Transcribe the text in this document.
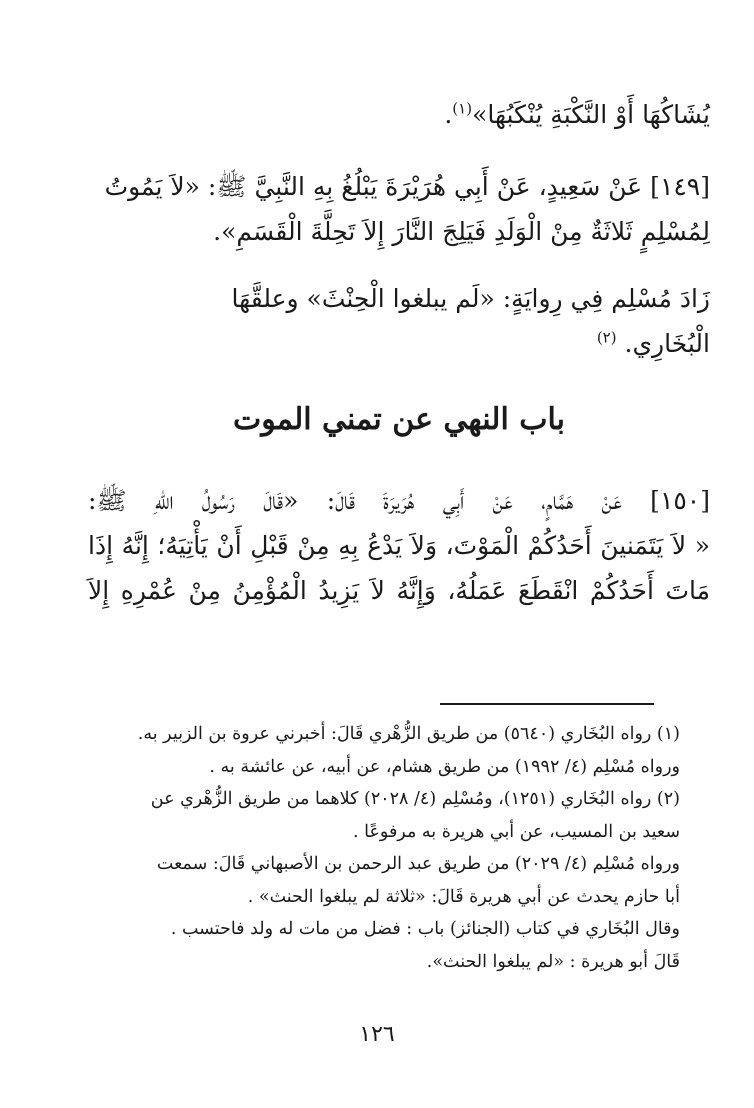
يُشَاكُهَا أَوْ النَّكْبَةِ يُنْكَبُهَا»$^{(١)}$.
[١٤٩] عَنْ سَعِيدٍ، عَنْ أَبِي هُرَيْرَةَ يَبْلُغُ بِهِ النَّبِيَّ ﷺ: «لاَ يَمُوتُ
لِمُسْلِمٍ ثَلاثَةٌ مِنْ الْوَلَدِ فَيَلِجَ النَّارَ إِلاَ تَحِلَّةَ الْقَسَمِ».
زَادَ مُسْلِم فِي رِوايَةٍ: «لَم يبلغوا الْحِنْثَ» وعلقَّهَا
الْبُخَارِي. $^{(٢)}$
باب النهي عن تمني الموت
[١٥٠] عَنْ هَمَّامٍ، عَنْ أَبِي هُرَيرَةَ قَالَ: «قَالَ رَسُولُ اللهِ ﷺ:
« لاَ يَتَمَنينَ أَحَدُكُمْ الْمَوْتَ، وَلاَ يَدْعُ بِهِ مِنْ قَبْلِ أَنْ يَأْتِيَهُ؛ إِنَّهُ إِذَا
مَاتَ أَحَدُكُمْ انْقَطَعَ عَمَلُهُ، وَإِنَّهُ لاَ يَزِيدُ الْمُؤْمِنُ مِنْ عُمْرِهِ إِلاَ
(١) رواه البُخَاري (٥٦٤٠) من طريق الزُّهْري قَالَ: أخبرني عروة بن الزبير به.
ورواه مُسْلِم (٤/ ١٩٩٢) من طريق هشام، عن أبيه، عن عائشة به .
(٢) رواه البُخَاري (١٢٥١)، ومُسْلِم (٤/ ٢٠٢٨) كلاهما من طريق الزُّهْري عن
سعيد بن المسيب، عن أبي هريرة به مرفوعًا .
ورواه مُسْلِم (٤/ ٢٠٢٩) من طريق عبد الرحمن بن الأصبهاني قَالَ: سمعت
أبا حازم يحدث عن أبي هريرة قَالَ: «ثلاثة لم يبلغوا الحنث» .
وقال البُخَاري في كتاب (الجنائز) باب : فضل من مات له ولد فاحتسب .
قَالَ أبو هريرة : «لم يبلغوا الحنث».
١٢٦
